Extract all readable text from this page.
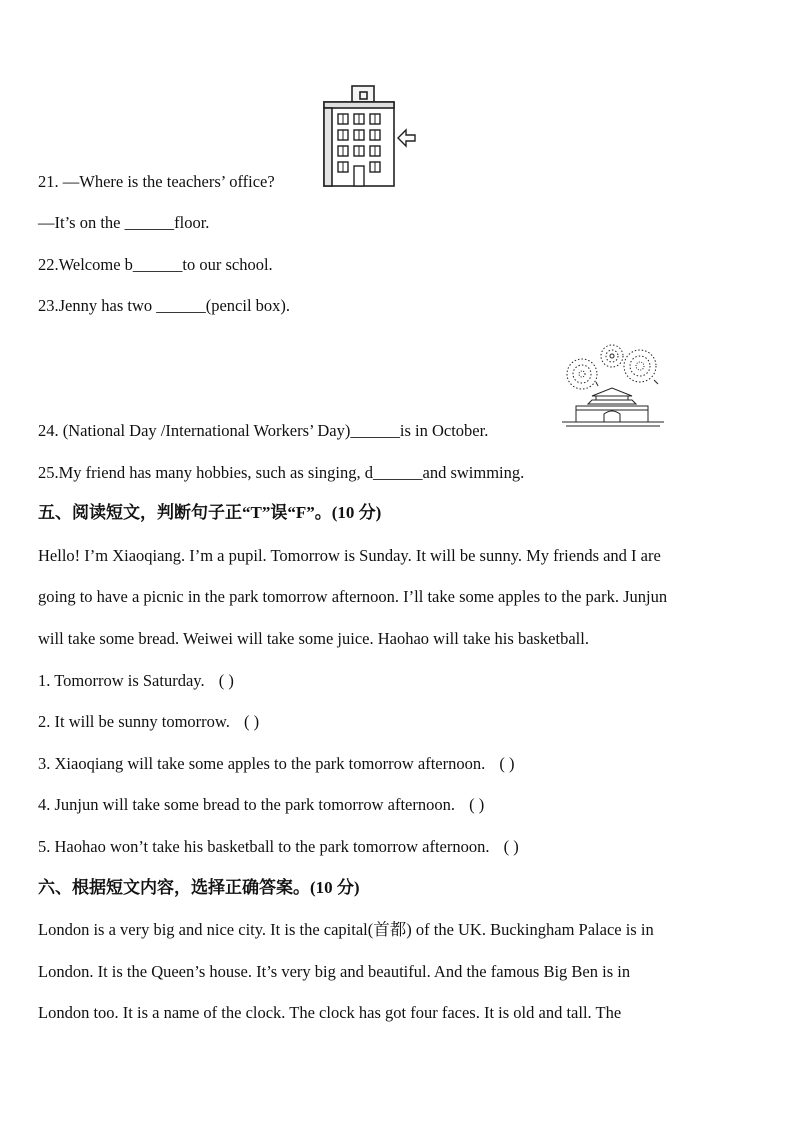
21. —Where is the teachers’ office?
—It’s on the ______floor.
22.Welcome b______to our school.
23.Jenny has two ______(pencil box).
24. (National Day /International Workers’ Day)______is in October.
25.My friend has many hobbies, such as singing, d______and swimming.
五、阅读短文，判断句子正“T”误“F”。(10 分)
Hello! I’m Xiaoqiang. I’m a pupil. Tomorrow is Sunday. It will be sunny. My friends and I are
going to have a picnic in the park tomorrow afternoon. I’ll take some apples to the park. Junjun
will take some bread. Weiwei will take some juice. Haohao will take his basketball.
1. Tomorrow is Saturday. ( )
2. It will be sunny tomorrow. ( )
3. Xiaoqiang will take some apples to the park tomorrow afternoon. ( )
4. Junjun will take some bread to the park tomorrow afternoon. ( )
5. Haohao won’t take his basketball to the park tomorrow afternoon. ( )
六、根据短文内容，选择正确答案。(10 分)
London is a very big and nice city. It is the capital(首都) of the UK. Buckingham Palace is in
London. It is the Queen’s house. It’s very big and beautiful. And the famous Big Ben is in
London too. It is a name of the clock. The clock has got four faces. It is old and tall. The
